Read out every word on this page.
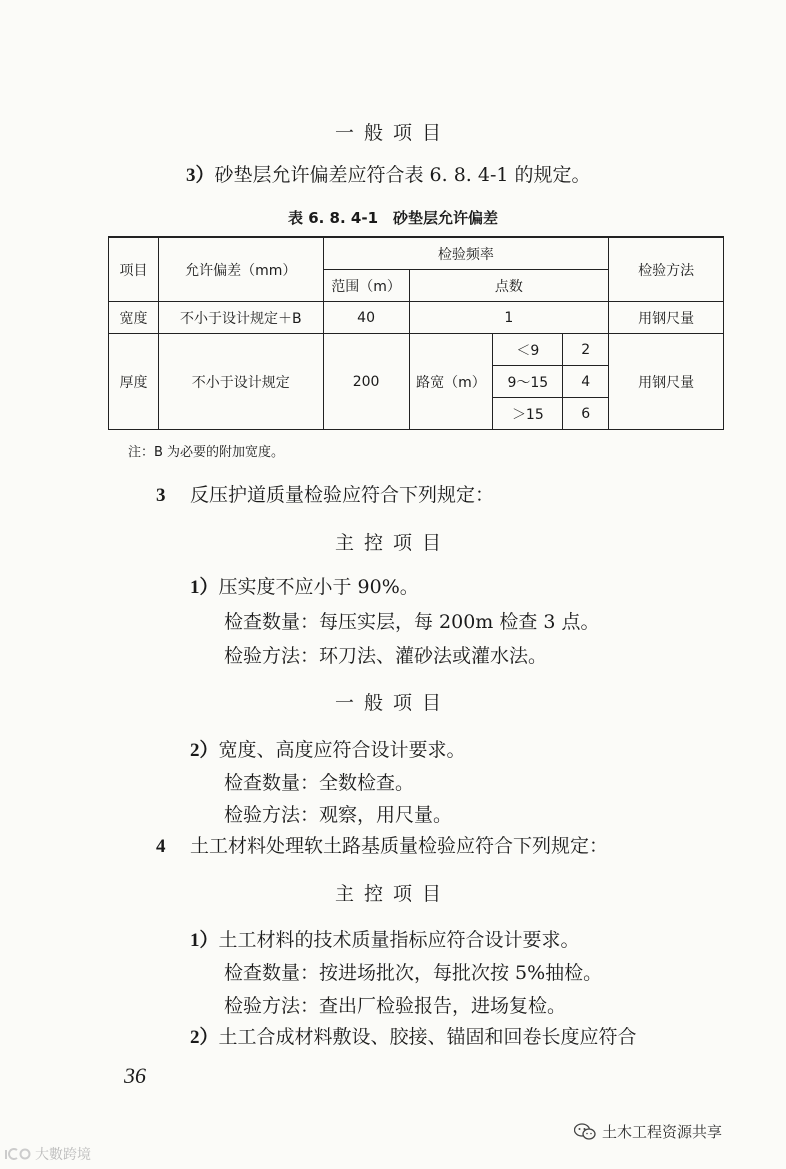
一般项目
3）砂垫层允许偏差应符合表 6. 8. 4-1 的规定。
表 6. 8. 4-1　砂垫层允许偏差
项目	允许偏差（mm）	检验频率				检验方法
		范围（m）	点数			
宽度	不小于设计规定＋B	40	1			用钢尺量
厚度	不小于设计规定	200	路宽（m）	＜9	2	用钢尺量
				9～15	4	
				＞15	6	
注：B 为必要的附加宽度。
3 反压护道质量检验应符合下列规定：
主控项目
1）压实度不应小于 90%。
检查数量：每压实层，每 200m 检查 3 点。
检验方法：环刀法、灌砂法或灌水法。
一般项目
2）宽度、高度应符合设计要求。
检查数量：全数检查。
检验方法：观察，用尺量。
4 土工材料处理软土路基质量检验应符合下列规定：
主控项目
1）土工材料的技术质量指标应符合设计要求。
检查数量：按进场批次，每批次按 5%抽检。
检验方法：查出厂检验报告，进场复检。
2）土工合成材料敷设、胶接、锚固和回卷长度应符合
36
土木工程资源共享
大數跨境
